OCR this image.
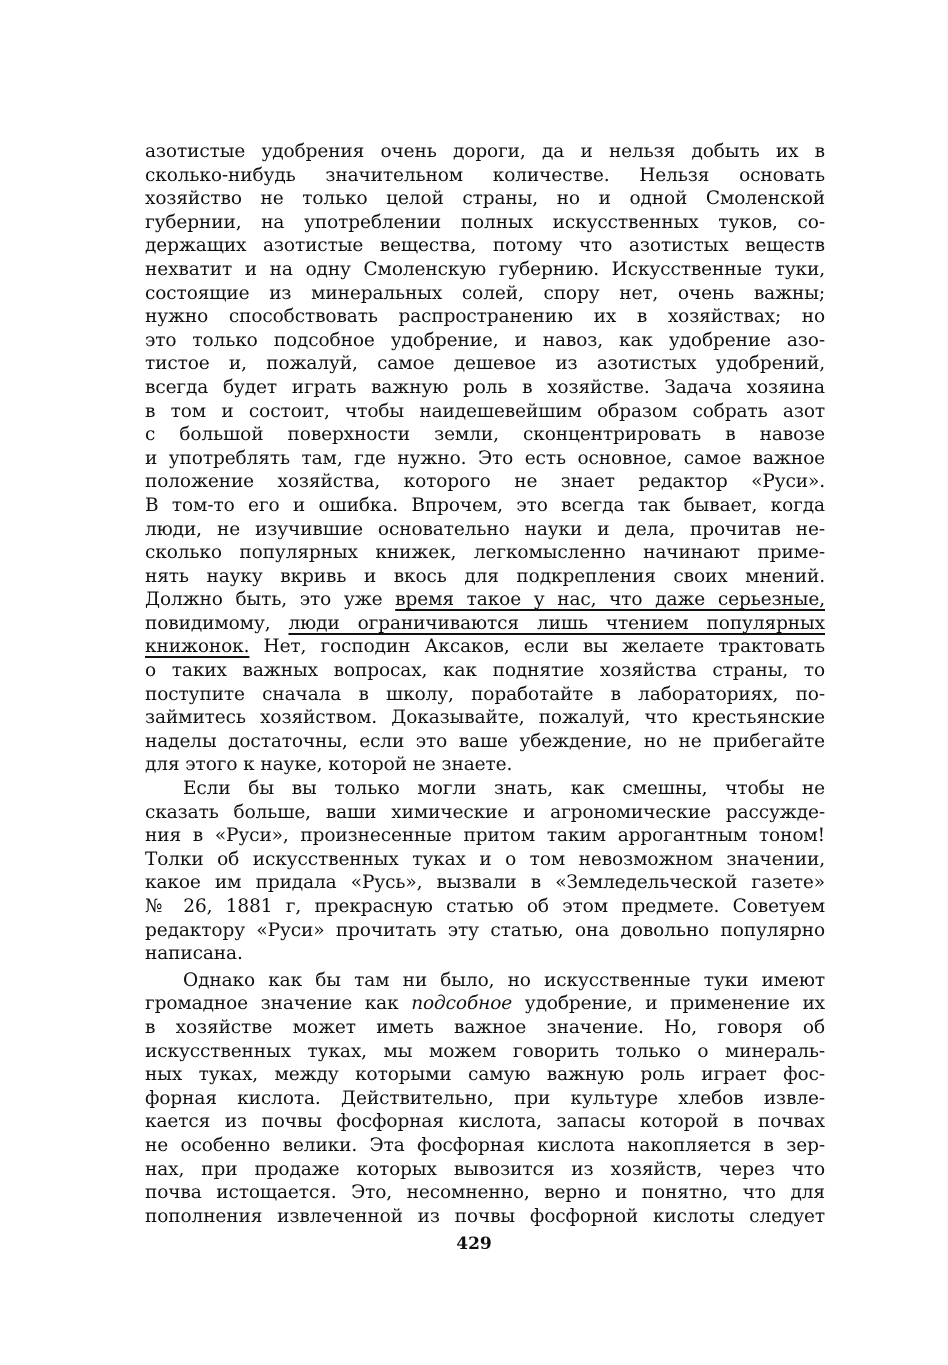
азотистые удобрения очень дороги, да и нельзя добыть их в
сколько-нибудь значительном количестве. Нельзя основать
хозяйство не только целой страны, но и одной Смоленской
губернии, на употреблении полных искусственных туков, со-
держащих азотистые вещества, потому что азотистых веществ
нехватит и на одну Смоленскую губернию. Искусственные туки,
состоящие из минеральных солей, спору нет, очень важны;
нужно способствовать распространению их в хозяйствах; но
это только подсобное удобрение, и навоз, как удобрение азо-
тистое и, пожалуй, самое дешевое из азотистых удобрений,
всегда будет играть важную роль в хозяйстве. Задача хозяина
в том и состоит, чтобы наидешевейшим образом собрать азот
с большой поверхности земли, сконцентрировать в навозе
и употреблять там, где нужно. Это есть основное, самое важное
положение хозяйства, которого не знает редактор «Руси».
В том-то его и ошибка. Впрочем, это всегда так бывает, когда
люди, не изучившие основательно науки и дела, прочитав не-
сколько популярных книжек, легкомысленно начинают приме-
нять науку вкривь и вкось для подкрепления своих мнений.
Должно быть, это уже время такое у нас, что даже серьезные,
повидимому, люди ограничиваются лишь чтением популярных
книжонок. Нет, господин Аксаков, если вы желаете трактовать
о таких важных вопросах, как поднятие хозяйства страны, то
поступите сначала в школу, поработайте в лабораториях, по-
займитесь хозяйством. Доказывайте, пожалуй, что крестьянские
наделы достаточны, если это ваше убеждение, но не прибегайте
для этого к науке, которой не знаете.
Если бы вы только могли знать, как смешны, чтобы не
сказать больше, ваши химические и агрономические рассужде-
ния в «Руси», произнесенные притом таким аррогантным тоном!
Толки об искусственных туках и о том невозможном значении,
какое им придала «Русь», вызвали в «Земледельческой газете»
№ 26, 1881 г, прекрасную статью об этом предмете. Советуем
редактору «Руси» прочитать эту статью, она довольно популярно
написана.
Однако как бы там ни было, но искусственные туки имеют
громадное значение как подсобное удобрение, и применение их
в хозяйстве может иметь важное значение. Но, говоря об
искусственных туках, мы можем говорить только о минераль-
ных туках, между которыми самую важную роль играет фос-
форная кислота. Действительно, при культуре хлебов извле-
кается из почвы фосфорная кислота, запасы которой в почвах
не особенно велики. Эта фосфорная кислота накопляется в зер-
нах, при продаже которых вывозится из хозяйств, через что
почва истощается. Это, несомненно, верно и понятно, что для
пополнения извлеченной из почвы фосфорной кислоты следует
429
